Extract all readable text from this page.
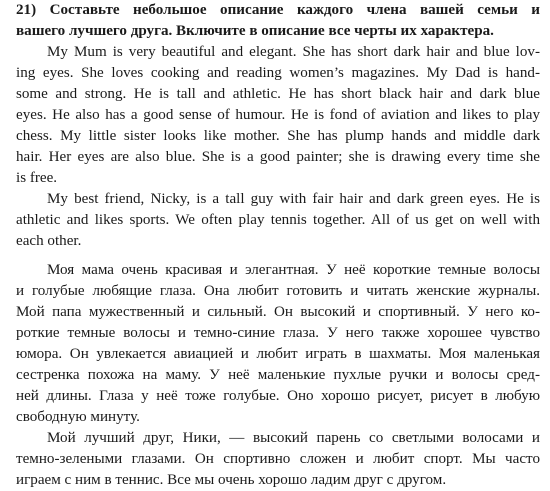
21) Составьте небольшое описание каждого члена вашей семьи и
вашего лучшего друга. Включите в описание все черты их характера.
My Mum is very beautiful and elegant. She has short dark hair and blue lov-
ing eyes. She loves cooking and reading women’s magazines. My Dad is hand-
some and strong. He is tall and athletic. He has short black hair and dark blue
eyes. He also has a good sense of humour. He is fond of aviation and likes to play
chess. My little sister looks like mother. She has plump hands and middle dark
hair. Her eyes are also blue. She is a good painter; she is drawing every time she
is free.
My best friend, Nicky, is a tall guy with fair hair and dark green eyes. He is
athletic and likes sports. We often play tennis together. All of us get on well with
each other.
Моя мама очень красивая и элегантная. У неё короткие темные волосы
и голубые любящие глаза. Она любит готовить и читать женские журналы.
Мой папа мужественный и сильный. Он высокий и спортивный. У него ко-
роткие темные волосы и темно-синие глаза. У него также хорошее чувство
юмора. Он увлекается авиацией и любит играть в шахматы. Моя маленькая
сестренка похожа на маму. У неё маленькие пухлые ручки и волосы сред-
ней длины. Глаза у неё тоже голубые. Оно хорошо рисует, рисует в любую
свободную минуту.
Мой лучший друг, Ники, — высокий парень со светлыми волосами и
темно-зелеными глазами. Он спортивно сложен и любит спорт. Мы часто
играем с ним в теннис. Все мы очень хорошо ладим друг с другом.
